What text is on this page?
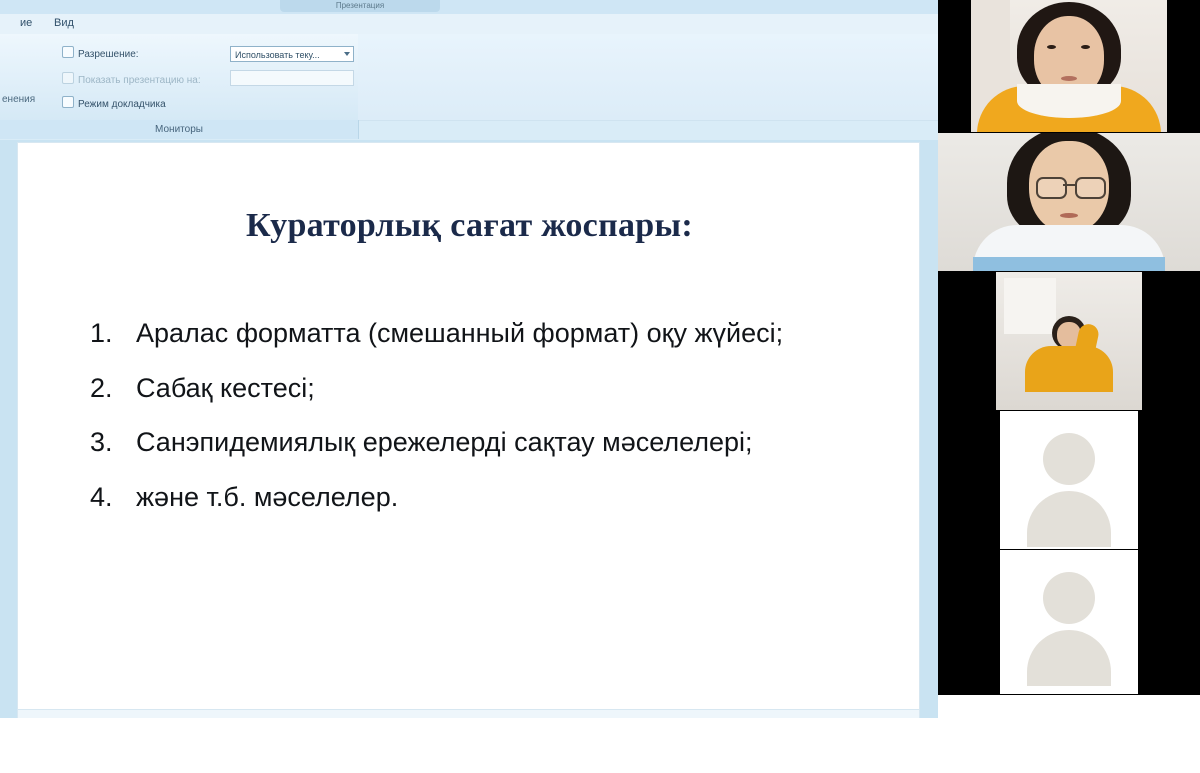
Презентация
ие	Вид
енения
Разрешение:	Использовать теку...
Показать презентацию на:
Режим докладчика
Мониторы
Кураторлық сағат жоспары:
1. Аралас форматта (смешанный формат) оқу жүйесі;
2. Сабақ кестесі;
3. Санэпидемиялық ережелерді сақтау мәселелері;
4. және т.б. мәселелер.
